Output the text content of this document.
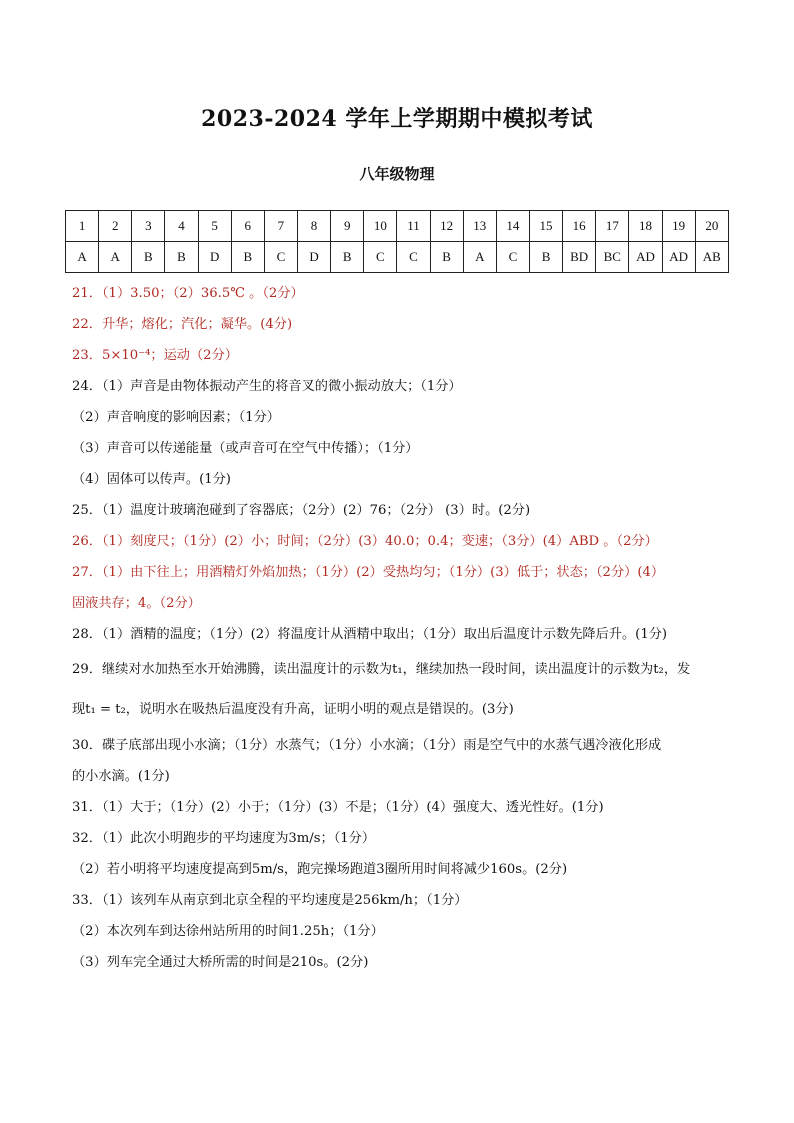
2023-2024 学年上学期期中模拟考试
八年级物理
1	2	3	4	5	6	7	8	9	10	11	12	13	14	15	16	17	18	19	20
A	A	B	B	D	B	C	D	B	C	C	B	A	C	B	BD	BC	AD	AD	AB
21．（1）3.50；（2）36.5℃ 。（2分）
22．升华；熔化；汽化；凝华。(4分)
23．5×10⁻⁴；运动（2分）
24．（1）声音是由物体振动产生的将音叉的微小振动放大；（1分）
（2）声音响度的影响因素；（1分）
（3）声音可以传递能量（或声音可在空气中传播）；（1分）
（4）固体可以传声。(1分)
25．（1）温度计玻璃泡碰到了容器底；（2分）(2）76；（2分） (3）时。(2分)
26．（1）刻度尺；（1分）(2）小；时间；（2分）(3）40.0；0.4；变速；（3分）(4）ABD 。（2分）
27．（1）由下往上；用酒精灯外焰加热；（1分）(2）受热均匀；（1分）(3）低于；状态；（2分）(4）
固液共存；4。（2分）
28．（1）酒精的温度；（1分）(2）将温度计从酒精中取出；（1分）取出后温度计示数先降后升。(1分)
29．继续对水加热至水开始沸腾，读出温度计的示数为t₁，继续加热一段时间，读出温度计的示数为t₂，发
现t₁ = t₂，说明水在吸热后温度没有升高，证明小明的观点是错误的。(3分)
30．碟子底部出现小水滴；（1分）水蒸气；（1分）小水滴；（1分）雨是空气中的水蒸气遇冷液化形成
的小水滴。(1分)
31．（1）大于；（1分）(2）小于；（1分）(3）不是；（1分）(4）强度大、透光性好。(1分)
32．（1）此次小明跑步的平均速度为3m/s；（1分）
（2）若小明将平均速度提高到5m/s，跑完操场跑道3圈所用时间将减少160s。(2分)
33．（1）该列车从南京到北京全程的平均速度是256km/h；（1分）
（2）本次列车到达徐州站所用的时间1.25h；（1分）
（3）列车完全通过大桥所需的时间是210s。(2分)
